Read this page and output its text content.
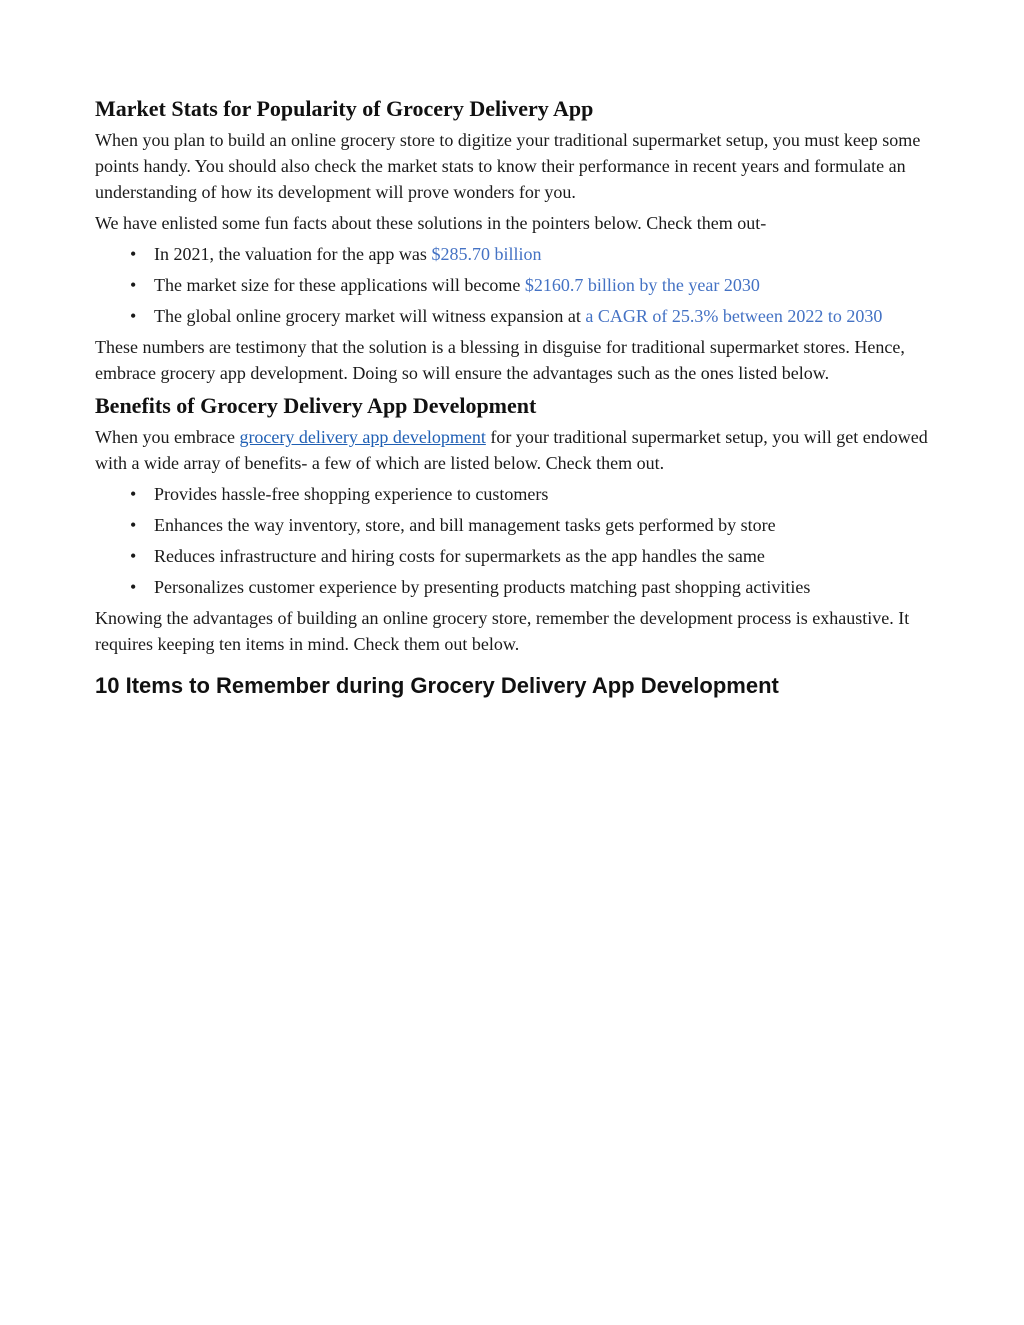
Market Stats for Popularity of Grocery Delivery App

When you plan to build an online grocery store to digitize your traditional supermarket setup, you must keep some points handy. You should also check the market stats to know their performance in recent years and formulate an understanding of how its development will prove wonders for you.

We have enlisted some fun facts about these solutions in the pointers below. Check them out-

• In 2021, the valuation for the app was $285.70 billion
• The market size for these applications will become $2160.7 billion by the year 2030
• The global online grocery market will witness expansion at a CAGR of 25.3% between 2022 to 2030

These numbers are testimony that the solution is a blessing in disguise for traditional supermarket stores. Hence, embrace grocery app development. Doing so will ensure the advantages such as the ones listed below.

Benefits of Grocery Delivery App Development

When you embrace grocery delivery app development for your traditional supermarket setup, you will get endowed with a wide array of benefits- a few of which are listed below. Check them out.

• Provides hassle-free shopping experience to customers
• Enhances the way inventory, store, and bill management tasks gets performed by store
• Reduces infrastructure and hiring costs for supermarkets as the app handles the same
• Personalizes customer experience by presenting products matching past shopping activities

Knowing the advantages of building an online grocery store, remember the development process is exhaustive. It requires keeping ten items in mind. Check them out below.

10 Items to Remember during Grocery Delivery App Development
